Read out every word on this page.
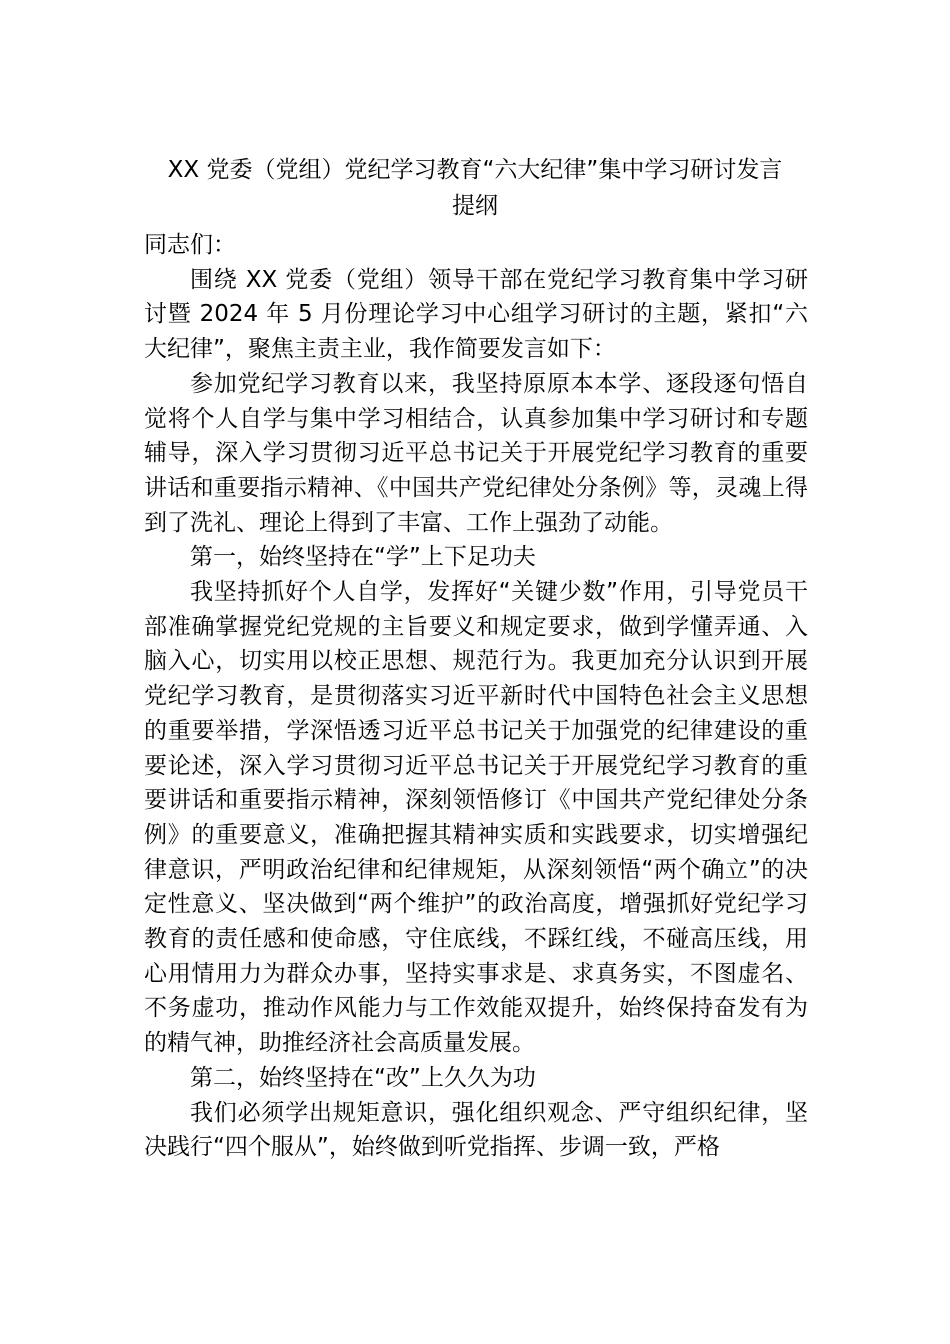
XX 党委（党组）党纪学习教育“六大纪律”集中学习研讨发言
提纲

同志们：

围绕 XX 党委（党组）领导干部在党纪学习教育集中学习研讨暨 2024 年 5 月份理论学习中心组学习研讨的主题，紧扣“六大纪律”，聚焦主责主业，我作简要发言如下：

参加党纪学习教育以来，我坚持原原本本学、逐段逐句悟自觉将个人自学与集中学习相结合，认真参加集中学习研讨和专题辅导，深入学习贯彻习近平总书记关于开展党纪学习教育的重要讲话和重要指示精神、《中国共产党纪律处分条例》等，灵魂上得到了洗礼、理论上得到了丰富、工作上强劲了动能。

第一，始终坚持在“学”上下足功夫

我坚持抓好个人自学，发挥好“关键少数”作用，引导党员干部准确掌握党纪党规的主旨要义和规定要求，做到学懂弄通、入脑入心，切实用以校正思想、规范行为。我更加充分认识到开展党纪学习教育，是贯彻落实习近平新时代中国特色社会主义思想的重要举措，学深悟透习近平总书记关于加强党的纪律建设的重要论述，深入学习贯彻习近平总书记关于开展党纪学习教育的重要讲话和重要指示精神，深刻领悟修订《中国共产党纪律处分条例》的重要意义，准确把握其精神实质和实践要求，切实增强纪律意识，严明政治纪律和纪律规矩，从深刻领悟“两个确立”的决定性意义、坚决做到“两个维护”的政治高度，增强抓好党纪学习教育的责任感和使命感，守住底线，不踩红线，不碰高压线，用心用情用力为群众办事，坚持实事求是、求真务实，不图虚名、不务虚功，推动作风能力与工作效能双提升，始终保持奋发有为的精气神，助推经济社会高质量发展。

第二，始终坚持在“改”上久久为功

我们必须学出规矩意识，强化组织观念、严守组织纪律，坚决践行“四个服从”，始终做到听党指挥、步调一致，严格
